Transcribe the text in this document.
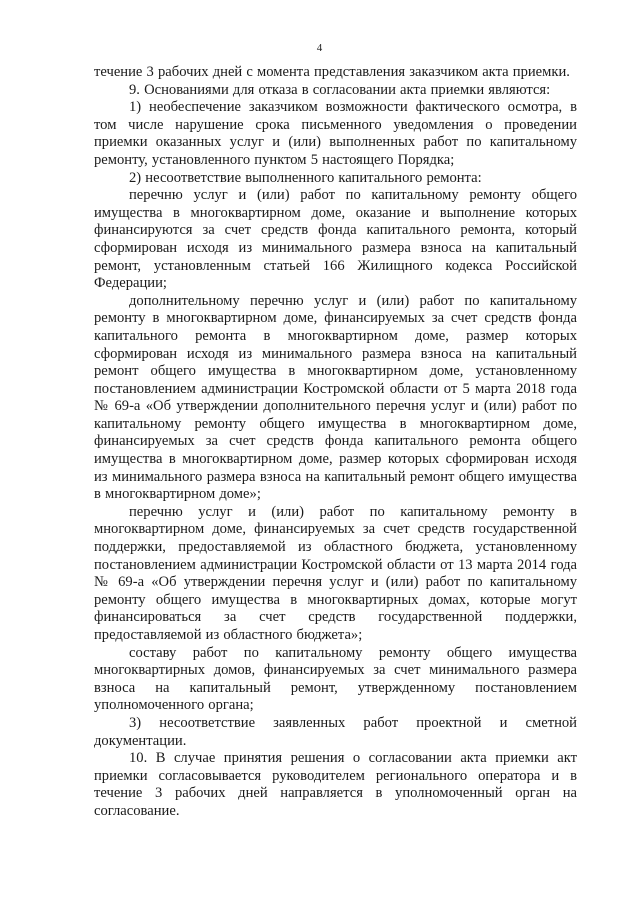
4

течение 3 рабочих дней с момента представления заказчиком акта приемки.

9. Основаниями для отказа в согласовании акта приемки являются:

1) необеспечение заказчиком возможности фактического осмотра, в том числе нарушение срока письменного уведомления о проведении приемки оказанных услуг и (или) выполненных работ по капитальному ремонту, установленного пунктом 5 настоящего Порядка;

2) несоответствие выполненного капитального ремонта:

перечню услуг и (или) работ по капитальному ремонту общего имущества в многоквартирном доме, оказание и выполнение которых финансируются за счет средств фонда капитального ремонта, который сформирован исходя из минимального размера взноса на капитальный ремонт, установленным статьей 166 Жилищного кодекса Российской Федерации;

дополнительному перечню услуг и (или) работ по капитальному ремонту в многоквартирном доме, финансируемых за счет средств фонда капитального ремонта в многоквартирном доме, размер которых сформирован исходя из минимального размера взноса на капитальный ремонт общего имущества в многоквартирном доме, установленному постановлением администрации Костромской области от 5 марта 2018 года № 69-а «Об утверждении дополнительного перечня услуг и (или) работ по капитальному ремонту общего имущества в многоквартирном доме, финансируемых за счет средств фонда капитального ремонта общего имущества в многоквартирном доме, размер которых сформирован исходя из минимального размера взноса на капитальный ремонт общего имущества в многоквартирном доме»;

перечню услуг и (или) работ по капитальному ремонту в многоквартирном доме, финансируемых за счет средств государственной поддержки, предоставляемой из областного бюджета, установленному постановлением администрации Костромской области от 13 марта 2014 года № 69-а «Об утверждении перечня услуг и (или) работ по капитальному ремонту общего имущества в многоквартирных домах, которые могут финансироваться за счет средств государственной поддержки, предоставляемой из областного бюджета»;

составу работ по капитальному ремонту общего имущества многоквартирных домов, финансируемых за счет минимального размера взноса на капитальный ремонт, утвержденному постановлением уполномоченного органа;

3) несоответствие заявленных работ проектной и сметной документации.

10. В случае принятия решения о согласовании акта приемки акт приемки согласовывается руководителем регионального оператора и в течение 3 рабочих дней направляется в уполномоченный орган на согласование.
